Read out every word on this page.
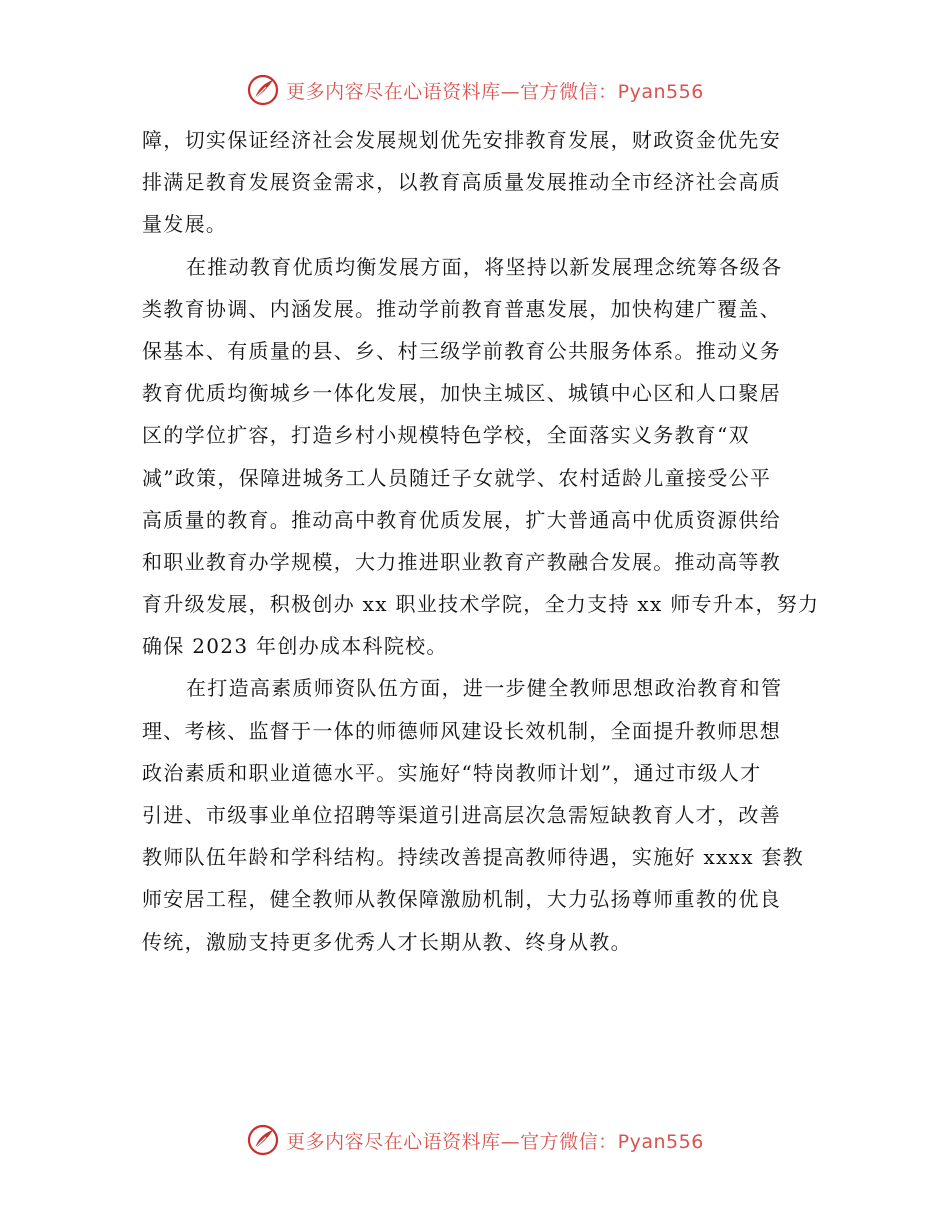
更多内容尽在心语资料库—官方微信：Pyan556
障，切实保证经济社会发展规划优先安排教育发展，财政资金优先安
排满足教育发展资金需求，以教育高质量发展推动全市经济社会高质
量发展。
在推动教育优质均衡发展方面，将坚持以新发展理念统筹各级各
类教育协调、内涵发展。推动学前教育普惠发展，加快构建广覆盖、
保基本、有质量的县、乡、村三级学前教育公共服务体系。推动义务
教育优质均衡城乡一体化发展，加快主城区、城镇中心区和人口聚居
区的学位扩容，打造乡村小规模特色学校，全面落实义务教育“双
减”政策，保障进城务工人员随迁子女就学、农村适龄儿童接受公平
高质量的教育。推动高中教育优质发展，扩大普通高中优质资源供给
和职业教育办学规模，大力推进职业教育产教融合发展。推动高等教
育升级发展，积极创办 xx 职业技术学院，全力支持 xx 师专升本，努力
确保 2023 年创办成本科院校。
在打造高素质师资队伍方面，进一步健全教师思想政治教育和管
理、考核、监督于一体的师德师风建设长效机制，全面提升教师思想
政治素质和职业道德水平。实施好“特岗教师计划”，通过市级人才
引进、市级事业单位招聘等渠道引进高层次急需短缺教育人才，改善
教师队伍年龄和学科结构。持续改善提高教师待遇，实施好 xxxx 套教
师安居工程，健全教师从教保障激励机制，大力弘扬尊师重教的优良
传统，激励支持更多优秀人才长期从教、终身从教。
更多内容尽在心语资料库—官方微信：Pyan556
